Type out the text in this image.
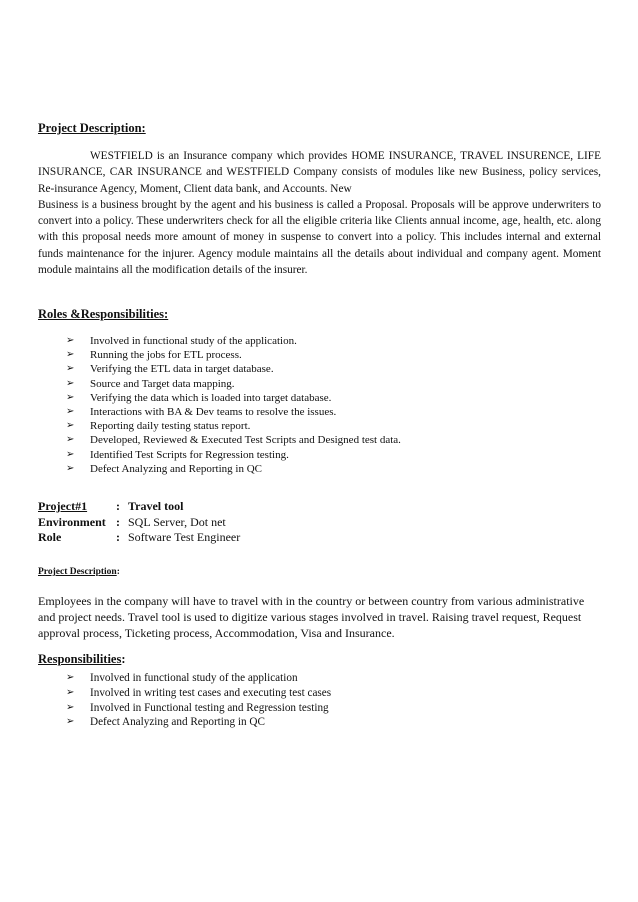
Project Description:

WESTFIELD is an Insurance company which provides HOME INSURANCE, TRAVEL INSURENCE, LIFE INSURANCE, CAR INSURANCE and WESTFIELD Company consists of modules like new Business, policy services, Re-insurance Agency, Moment, Client data bank, and Accounts. New

Business is a business brought by the agent and his business is called a Proposal. Proposals will be approve underwriters to convert into a policy. These underwriters check for all the eligible criteria like Clients annual income, age, health, etc. along with this proposal needs more amount of money in suspense to convert into a policy. This includes internal and external funds maintenance for the injurer. Agency module maintains all the details about individual and company agent. Moment module maintains all the modification details of the insurer.

Roles &Responsibilities:
➢ Involved in functional study of the application.
➢ Running the jobs for ETL process.
➢ Verifying the ETL data in target database.
➢ Source and Target data mapping.
➢ Verifying the data which is loaded into target database.
➢ Interactions with BA & Dev teams to resolve the issues.
➢ Reporting daily testing status report.
➢ Developed, Reviewed & Executed Test Scripts and Designed test data.
➢ Identified Test Scripts for Regression testing.
➢ Defect Analyzing and Reporting in QC
Project#1 : Travel tool
Environment : SQL Server, Dot net
Role	: Software Test Engineer
Project Description:
Employees in the company will have to travel with in the country or between country from various administrative and project needs. Travel tool is used to digitize various stages involved in travel. Raising travel request, Request approval process, Ticketing process, Accommodation, Visa and Insurance.
Responsibilities:
➢ Involved in functional study of the application
➢ Involved in writing test cases and executing test cases
➢ Involved in Functional testing and Regression testing
➢ Defect Analyzing and Reporting in QC
